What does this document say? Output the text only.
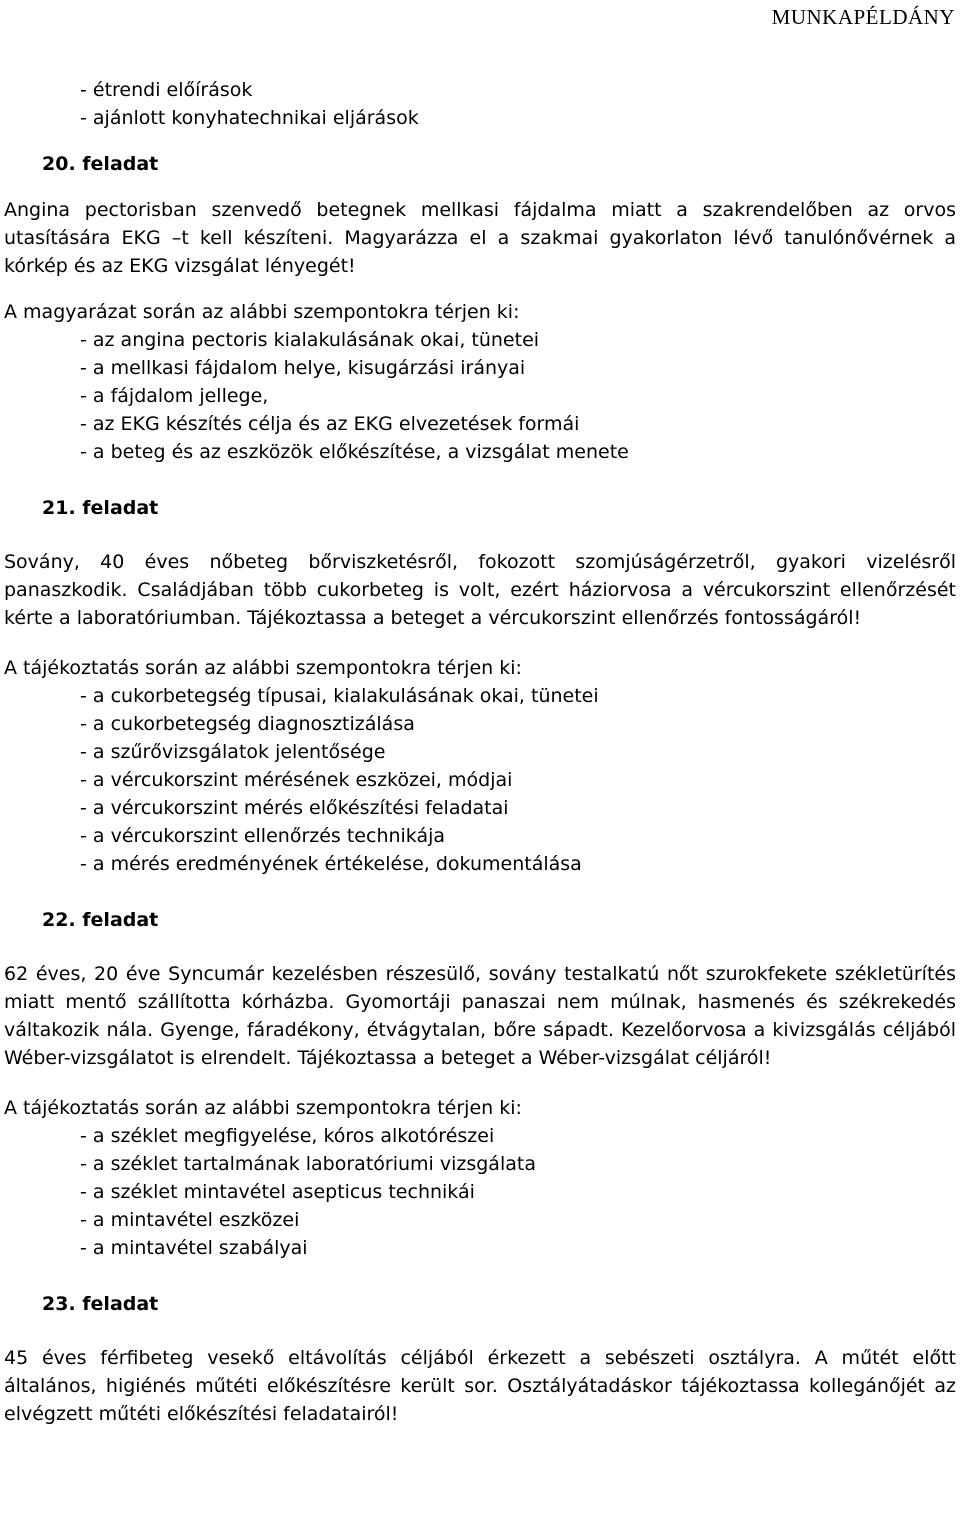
MUNKAPÉLDÁNY
- étrendi előírások
- ajánlott konyhatechnikai eljárások
20. feladat

Angina pectorisban szenvedő betegnek mellkasi fájdalma miatt a szakrendelőben az orvos utasítására EKG –t kell készíteni. Magyarázza el a szakmai gyakorlaton lévő tanulónővérnek a kórkép és az EKG vizsgálat lényegét!

A magyarázat során az alábbi szempontokra térjen ki:

- az angina pectoris kialakulásának okai, tünetei
- a mellkasi fájdalom helye, kisugárzási irányai
- a fájdalom jellege,
- az EKG készítés célja és az EKG elvezetések formái
- a beteg és az eszközök előkészítése, a vizsgálat menete
21. feladat

Sovány, 40 éves nőbeteg bőrviszketésről, fokozott szomjúságérzetről, gyakori vizelésről panaszkodik. Családjában több cukorbeteg is volt, ezért háziorvosa a vércukorszint ellenőrzését kérte a laboratóriumban. Tájékoztassa a beteget a vércukorszint ellenőrzés fontosságáról!

A tájékoztatás során az alábbi szempontokra térjen ki:

- a cukorbetegség típusai, kialakulásának okai, tünetei
- a cukorbetegség diagnosztizálása
- a szűrővizsgálatok jelentősége
- a vércukorszint mérésének eszközei, módjai
- a vércukorszint mérés előkészítési feladatai
- a vércukorszint ellenőrzés technikája
- a mérés eredményének értékelése, dokumentálása
22. feladat

62 éves, 20 éve Syncumár kezelésben részesülő, sovány testalkatú nőt szurokfekete székletürítés miatt mentő szállította kórházba. Gyomortáji panaszai nem múlnak, hasmenés és székrekedés váltakozik nála. Gyenge, fáradékony, étvágytalan, bőre sápadt. Kezelőorvosa a kivizsgálás céljából Wéber-vizsgálatot is elrendelt. Tájékoztassa a beteget a Wéber-vizsgálat céljáról!

A tájékoztatás során az alábbi szempontokra térjen ki:

- a széklet megfigyelése, kóros alkotórészei
- a széklet tartalmának laboratóriumi vizsgálata
- a széklet mintavétel asepticus technikái
- a mintavétel eszközei
- a mintavétel szabályai
23. feladat

45 éves férfibeteg vesekő eltávolítás céljából érkezett a sebészeti osztályra. A műtét előtt általános, higiénés műtéti előkészítésre került sor. Osztályátadáskor tájékoztassa kollegánőjét az elvégzett műtéti előkészítési feladatairól!
